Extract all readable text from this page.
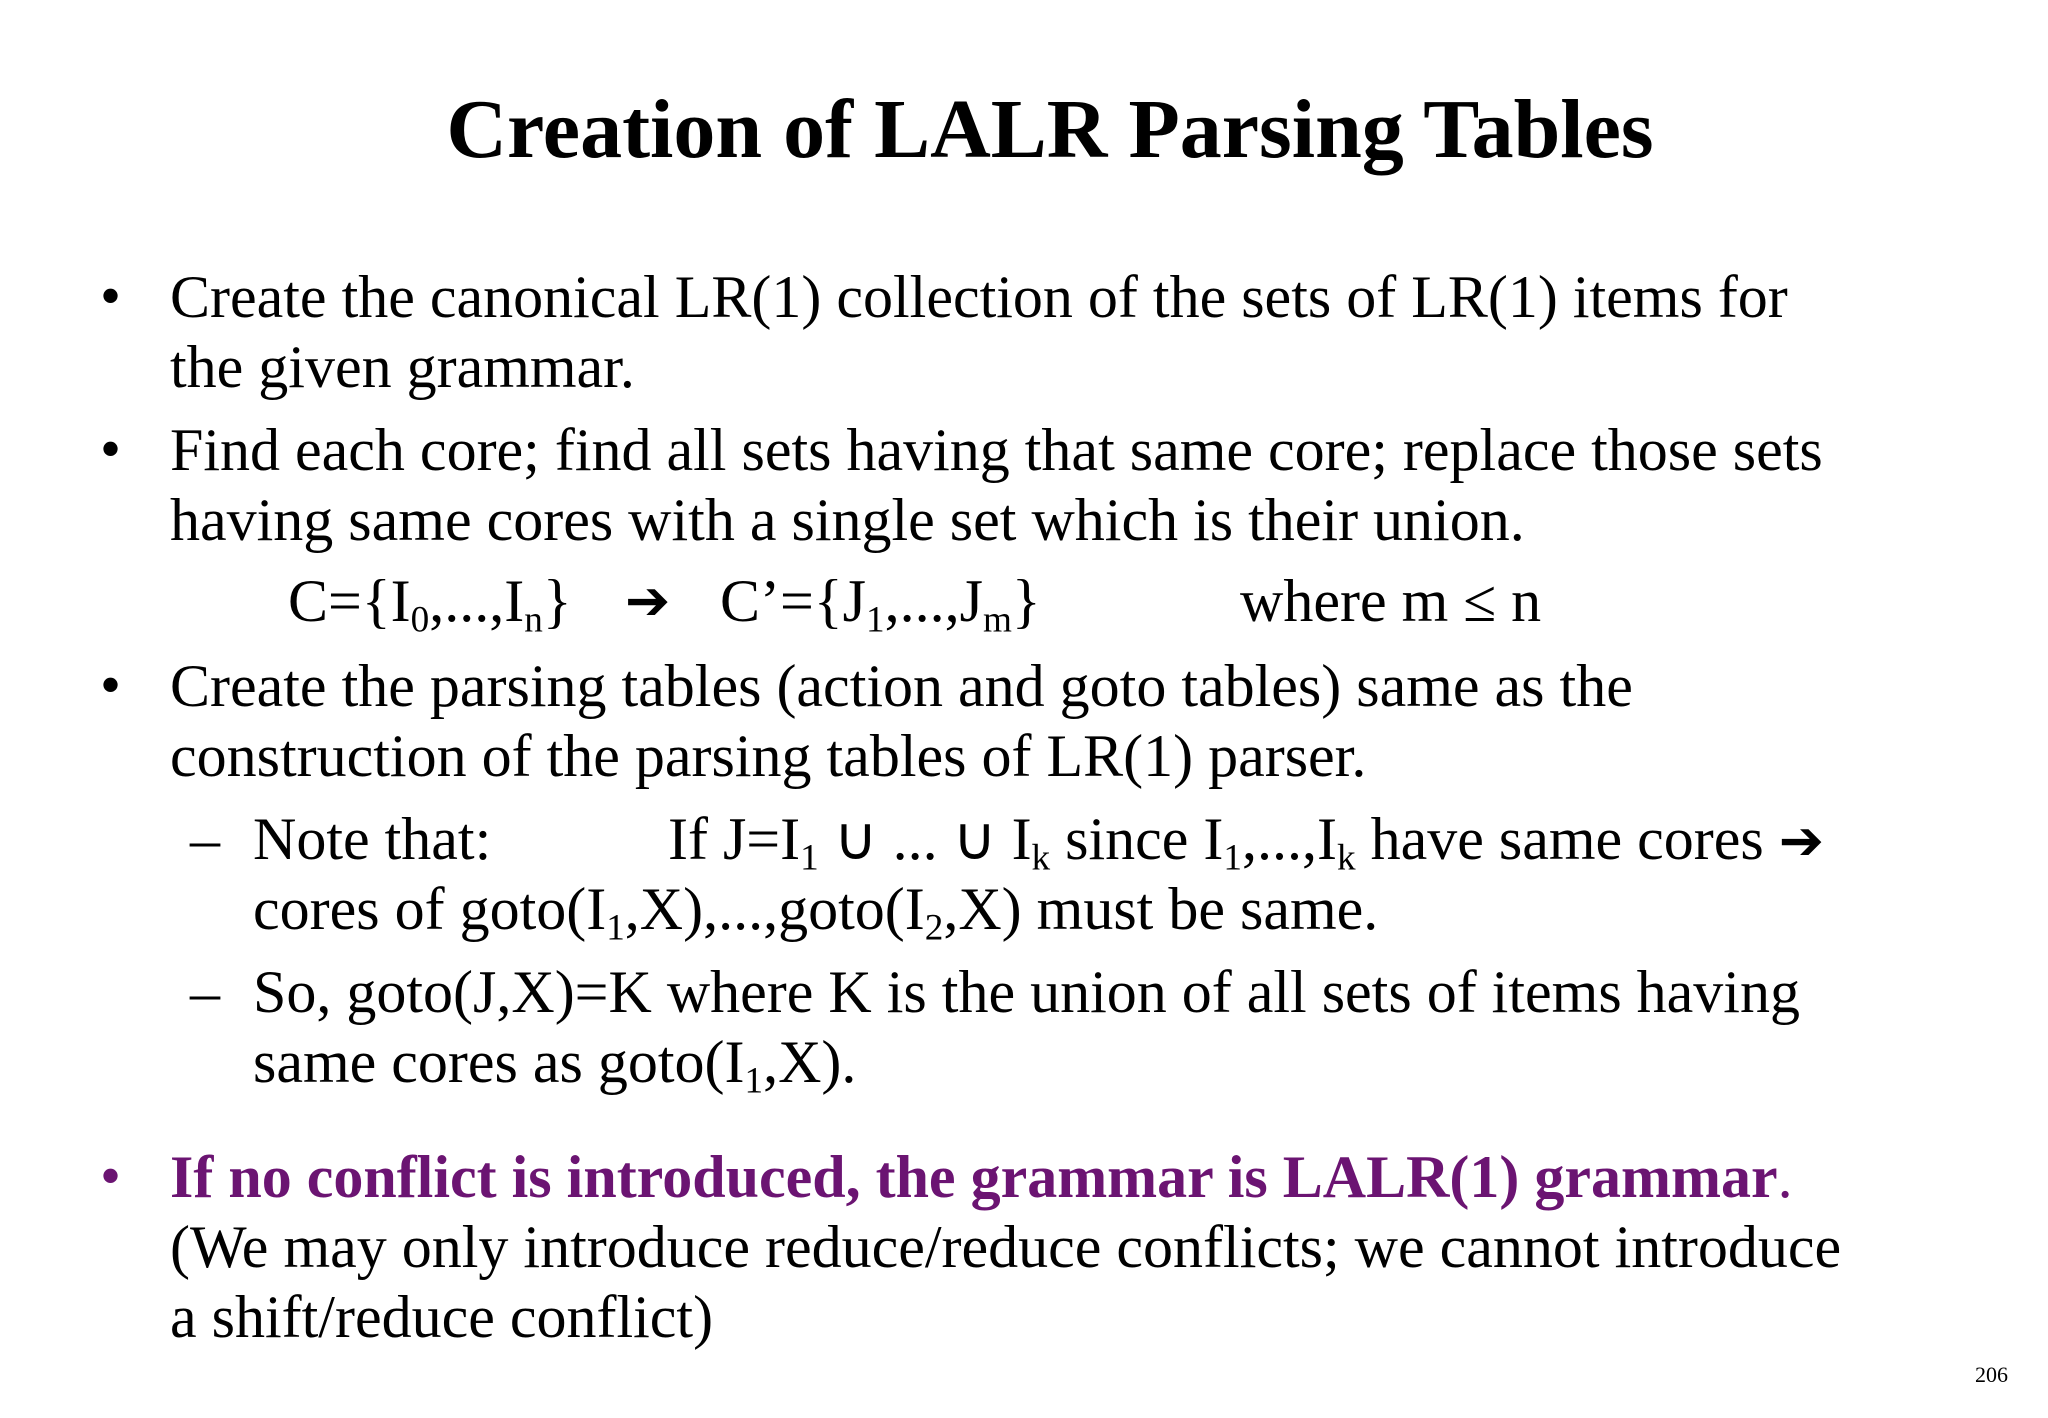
Creation of LALR Parsing Tables
• Create the canonical LR(1) collection of the sets of LR(1) items for
the given grammar.
• Find each core; find all sets having that same core; replace those sets
having same cores with a single set which is their union.
$C=\{I_0,...,I_n\}$ ➔ $C’=\{J_1,...,J_m\}$	where m ≤ n
• Create the parsing tables (action and goto tables) same as the
construction of the parsing tables of LR(1) parser.
– Note that:	If $J=I_1$ ∪ ... ∪ $I_k$ since $I_1,...,I_k$ have same cores ➔
cores of $goto(I_1,X),...,goto(I_2,X)$ must be same.
– So, goto(J,X)=K where K is the union of all sets of items having
same cores as $goto(I_1,X)$.
• If no conflict is introduced, the grammar is LALR(1) grammar.
(We may only introduce reduce/reduce conflicts; we cannot introduce
a shift/reduce conflict)
206
